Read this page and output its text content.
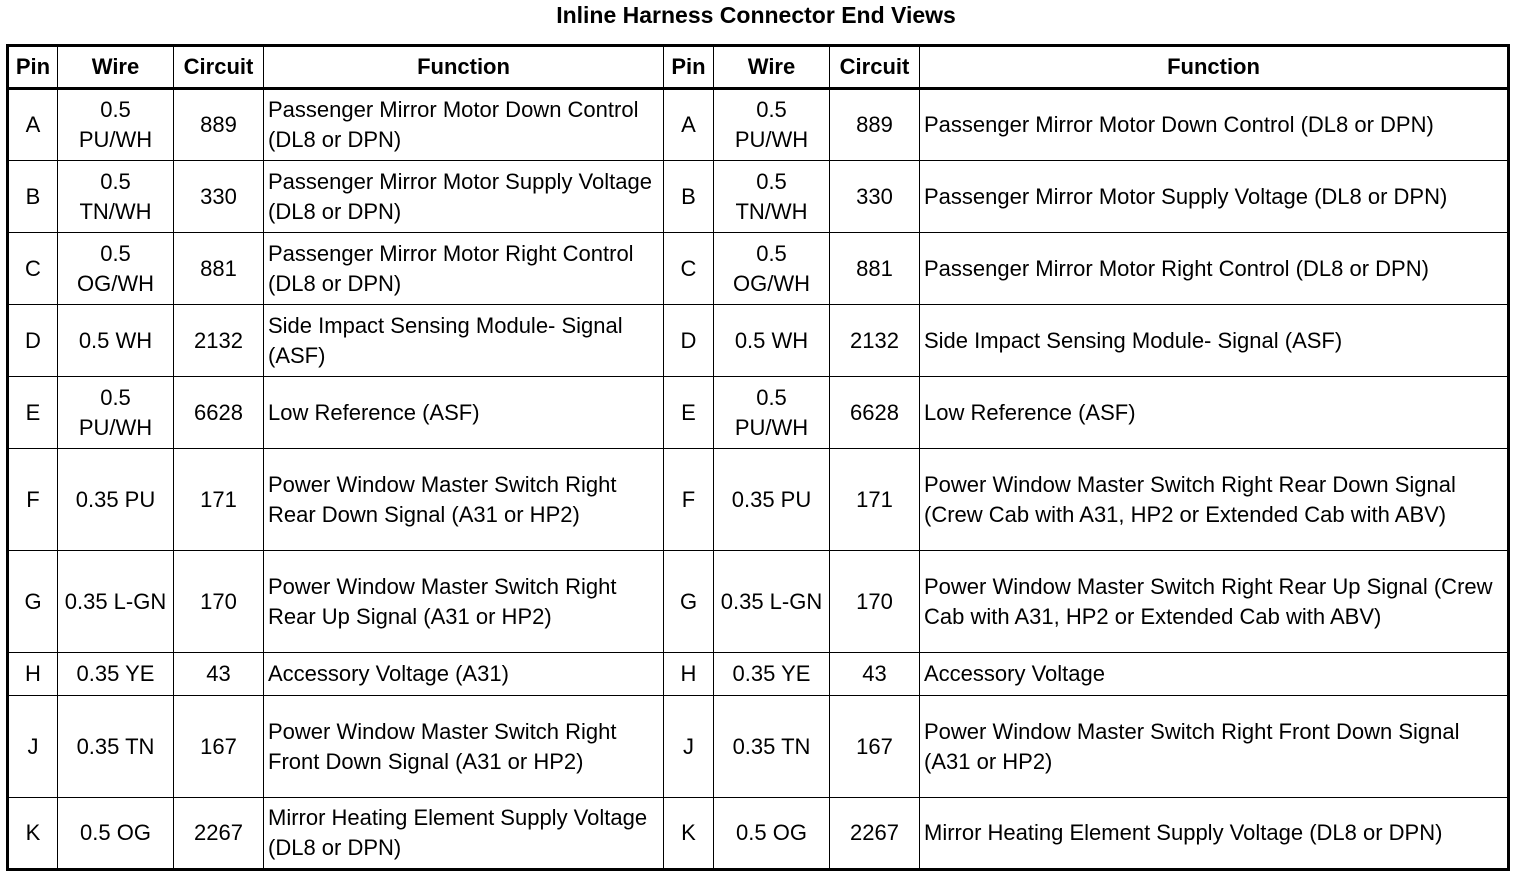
Inline Harness Connector End Views
Pin	Wire	Circuit	Function	Pin	Wire	Circuit	Function
A	0.5 PU/WH	889	Passenger Mirror Motor Down Control (DL8 or DPN)	A	0.5 PU/WH	889	Passenger Mirror Motor Down Control (DL8 or DPN)
B	0.5 TN/WH	330	Passenger Mirror Motor Supply Voltage (DL8 or DPN)	B	0.5 TN/WH	330	Passenger Mirror Motor Supply Voltage (DL8 or DPN)
C	0.5 OG/WH	881	Passenger Mirror Motor Right Control (DL8 or DPN)	C	0.5 OG/WH	881	Passenger Mirror Motor Right Control (DL8 or DPN)
D	0.5 WH	2132	Side Impact Sensing Module- Signal (ASF)	D	0.5 WH	2132	Side Impact Sensing Module- Signal (ASF)
E	0.5 PU/WH	6628	Low Reference (ASF)	E	0.5 PU/WH	6628	Low Reference (ASF)
F	0.35 PU	171	Power Window Master Switch Right Rear Down Signal (A31 or HP2)	F	0.35 PU	171	Power Window Master Switch Right Rear Down Signal (Crew Cab with A31, HP2 or Extended Cab with ABV)
G	0.35 L-GN	170	Power Window Master Switch Right Rear Up Signal (A31 or HP2)	G	0.35 L-GN	170	Power Window Master Switch Right Rear Up Signal (Crew Cab with A31, HP2 or Extended Cab with ABV)
H	0.35 YE	43	Accessory Voltage (A31)	H	0.35 YE	43	Accessory Voltage
J	0.35 TN	167	Power Window Master Switch Right Front Down Signal (A31 or HP2)	J	0.35 TN	167	Power Window Master Switch Right Front Down Signal (A31 or HP2)
K	0.5 OG	2267	Mirror Heating Element Supply Voltage (DL8 or DPN)	K	0.5 OG	2267	Mirror Heating Element Supply Voltage (DL8 or DPN)
